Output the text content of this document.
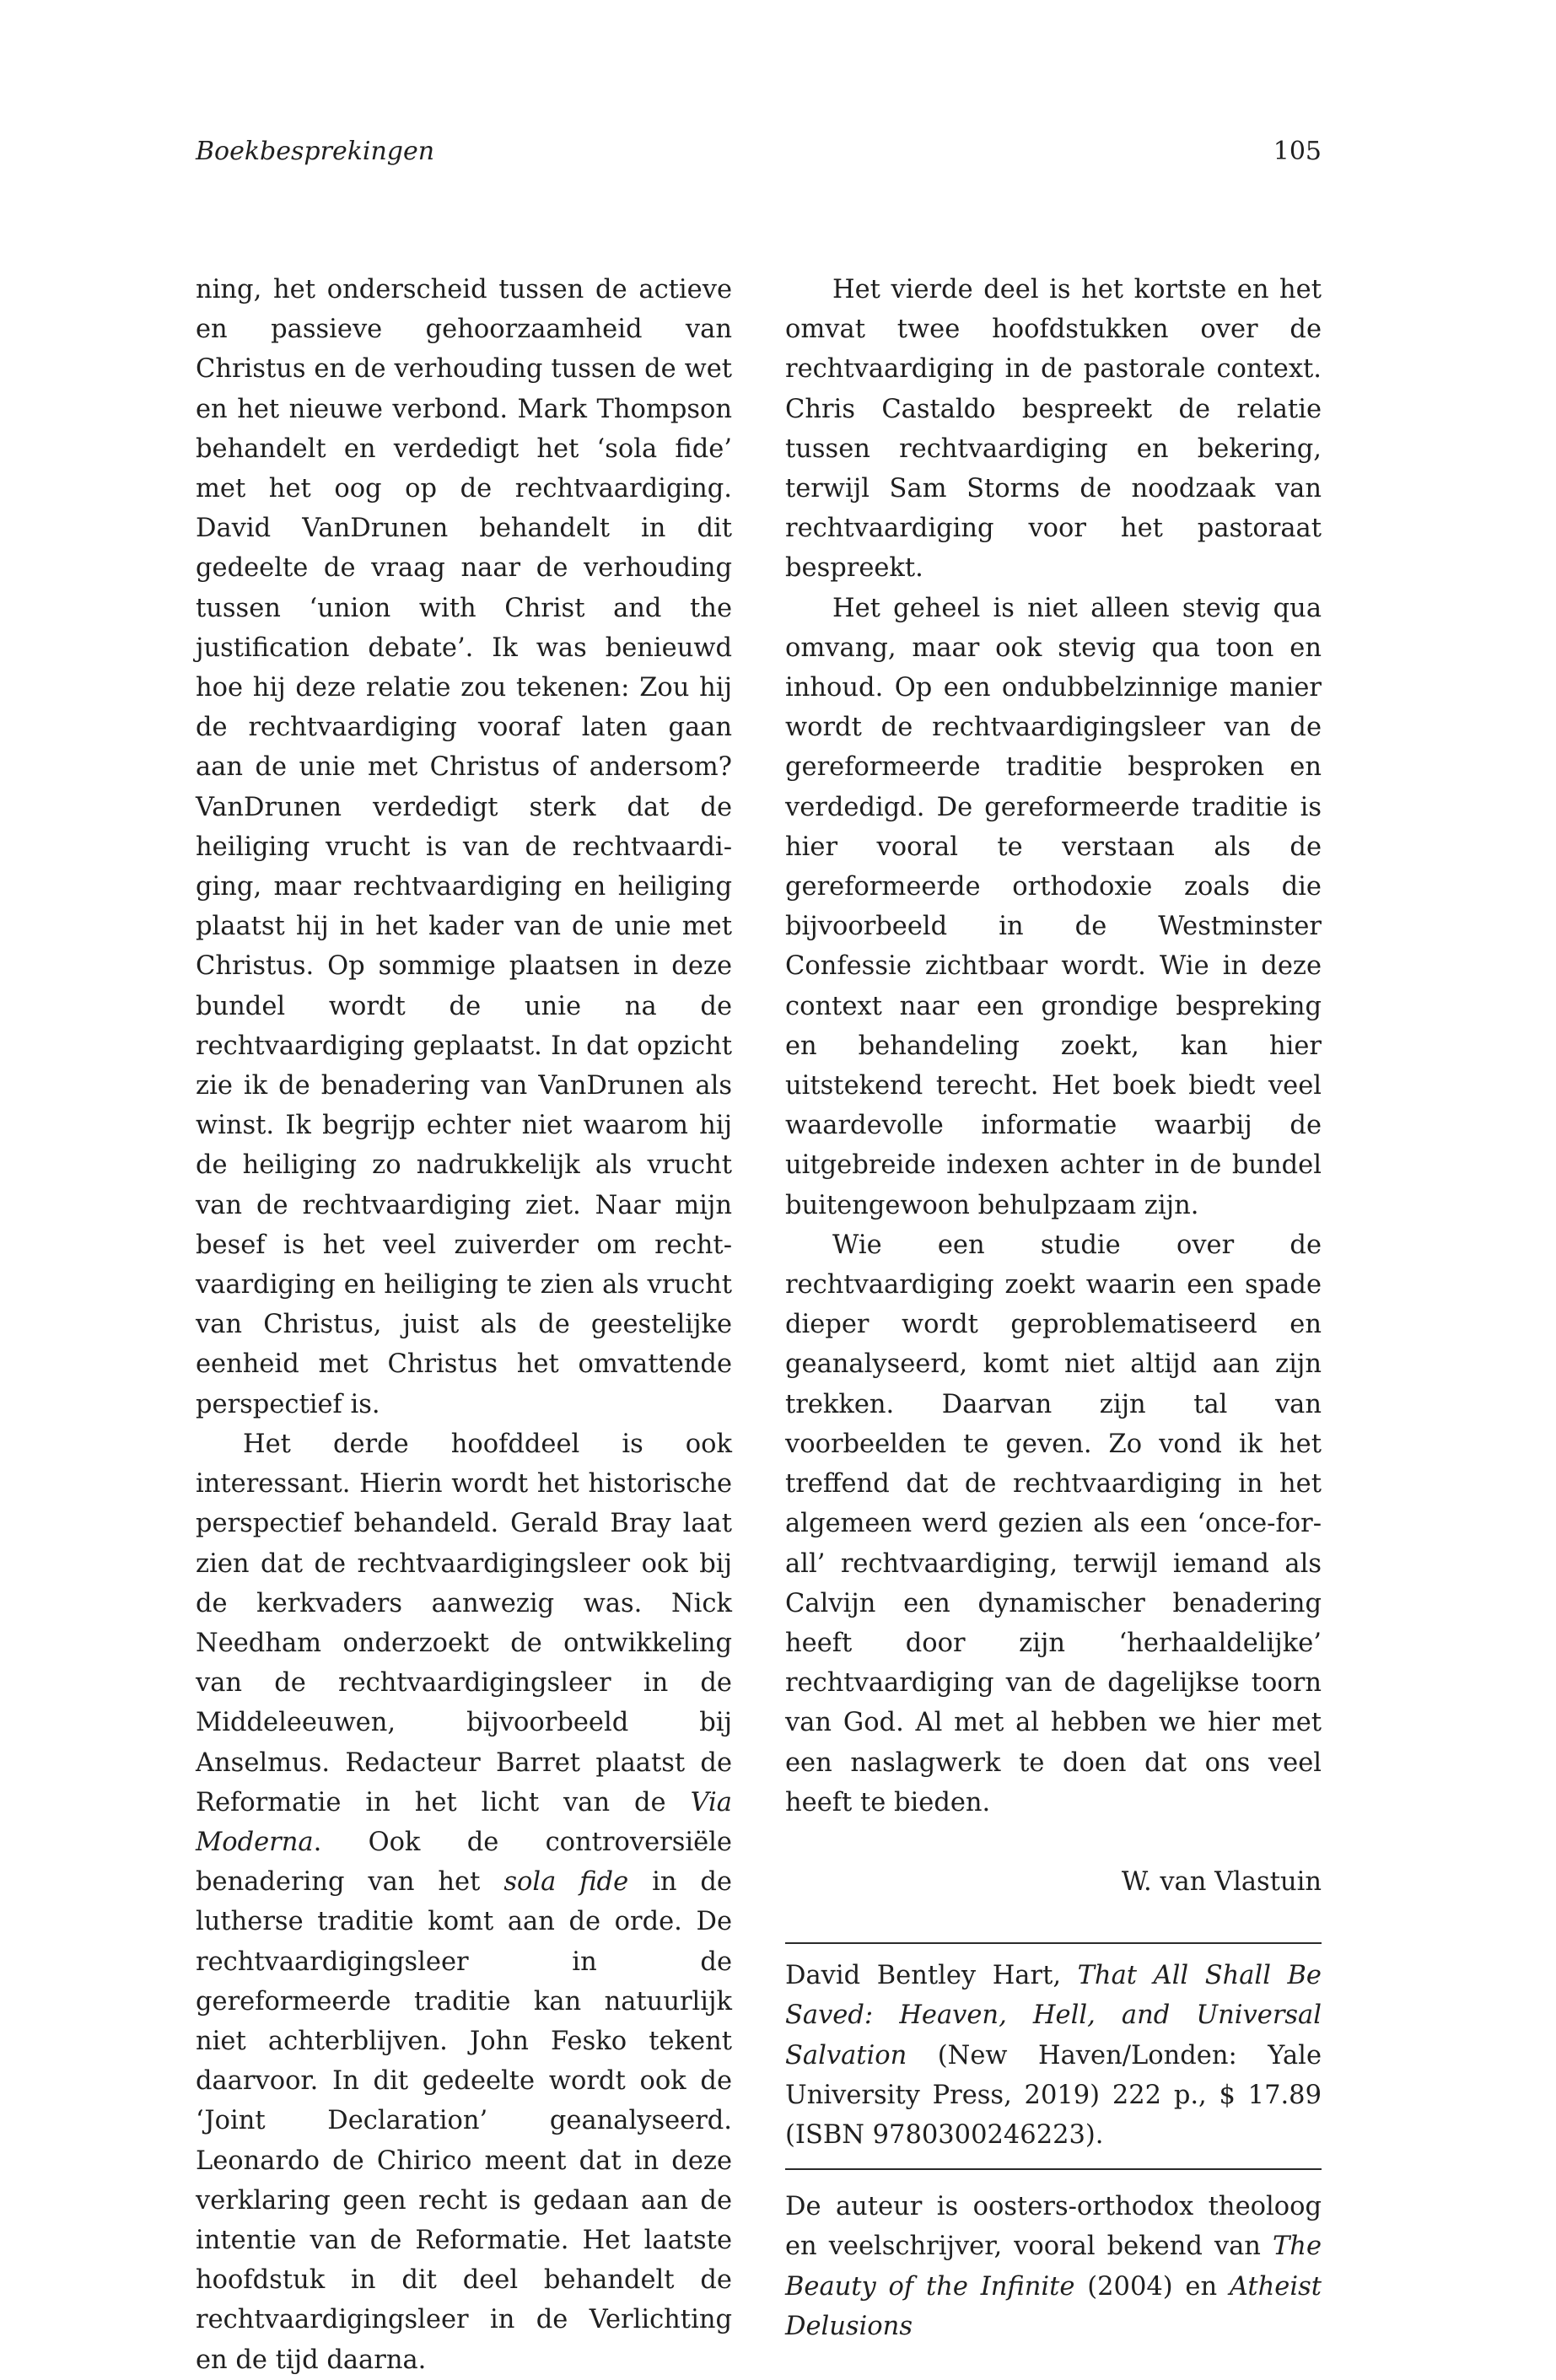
Boekbesprekingen	105

ning, het onderscheid tussen de actieve en passieve gehoorzaamheid van Christus en de verhouding tussen de wet en het nieuwe verbond. Mark Thompson behandelt en verdedigt het ‘sola fide’ met het oog op de rechtvaardiging. David VanDrunen behandelt in dit gedeelte de vraag naar de verhouding tussen ‘union with Christ and the justification debate’. Ik was benieuwd hoe hij deze relatie zou tekenen: Zou hij de rechtvaardiging vooraf laten gaan aan de unie met Christus of andersom? VanDrunen verdedigt sterk dat de heiliging vrucht is van de rechtvaardiging, maar rechtvaardiging en heiliging plaatst hij in het kader van de unie met Christus. Op sommige plaatsen in deze bundel wordt de unie na de rechtvaardiging geplaatst. In dat opzicht zie ik de benadering van VanDrunen als winst. Ik begrijp echter niet waarom hij de heiliging zo nadrukkelijk als vrucht van de rechtvaardiging ziet. Naar mijn besef is het veel zuiverder om rechtvaardiging en heiliging te zien als vrucht van Christus, juist als de geestelijke eenheid met Christus het omvattende perspectief is.

Het derde hoofddeel is ook interessant. Hierin wordt het historische perspectief behandeld. Gerald Bray laat zien dat de rechtvaardigingsleer ook bij de kerkvaders aanwezig was. Nick Needham onderzoekt de ontwikkeling van de rechtvaardigingsleer in de Middeleeuwen, bijvoorbeeld bij Anselmus. Redacteur Barret plaatst de Reformatie in het licht van de Via Moderna. Ook de controversiële benadering van het sola fide in de lutherse traditie komt aan de orde. De rechtvaardigingsleer in de gereformeerde traditie kan natuurlijk niet achterblijven. John Fesko tekent daarvoor. In dit gedeelte wordt ook de ‘Joint Declaration’ geanalyseerd. Leonardo de Chirico meent dat in deze verklaring geen recht is gedaan aan de intentie van de Reformatie. Het laatste hoofdstuk in dit deel behandelt de rechtvaardigingsleer in de Verlichting en de tijd daarna.

Het vierde deel is het kortste en het omvat twee hoofdstukken over de rechtvaardiging in de pastorale context. Chris Castaldo bespreekt de relatie tussen rechtvaardiging en bekering, terwijl Sam Storms de noodzaak van rechtvaardiging voor het pastoraat bespreekt.

Het geheel is niet alleen stevig qua omvang, maar ook stevig qua toon en inhoud. Op een ondubbelzinnige manier wordt de rechtvaardigingsleer van de gereformeerde traditie besproken en verdedigd. De gereformeerde traditie is hier vooral te verstaan als de gereformeerde orthodoxie zoals die bijvoorbeeld in de Westminster Confessie zichtbaar wordt. Wie in deze context naar een grondige bespreking en behandeling zoekt, kan hier uitstekend terecht. Het boek biedt veel waardevolle informatie waarbij de uitgebreide indexen achter in de bundel buitengewoon behulpzaam zijn.

Wie een studie over de rechtvaardiging zoekt waarin een spade dieper wordt geproblematiseerd en geanalyseerd, komt niet altijd aan zijn trekken. Daarvan zijn tal van voorbeelden te geven. Zo vond ik het treffend dat de rechtvaardiging in het algemeen werd gezien als een ‘once-for-all’ rechtvaardiging, terwijl iemand als Calvijn een dynamischer benadering heeft door zijn ‘herhaaldelijke’ rechtvaardiging van de dagelijkse toorn van God. Al met al hebben we hier met een naslagwerk te doen dat ons veel heeft te bieden.

W. van Vlastuin

David Bentley Hart, That All Shall Be Saved: Heaven, Hell, and Universal Salvation (New Haven/Londen: Yale University Press, 2019) 222 p., $ 17.89 (ISBN 9780300246223).

De auteur is oosters-orthodox theoloog en veelschrijver, vooral bekend van The Beauty of the Infinite (2004) en Atheist Delusions
